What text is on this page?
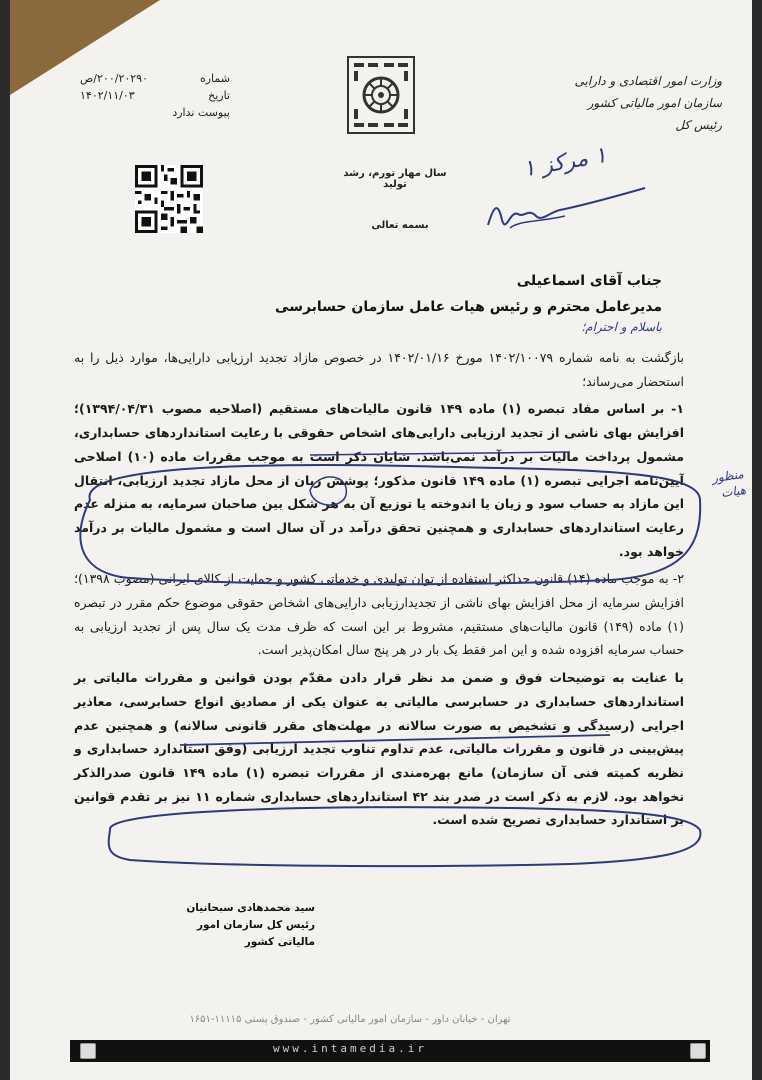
وزارت امور اقتصادی و دارایی
سازمان امور مالیاتی کشور
رئیس کل
شماره
۲۰۰/۲۰۲۹۰/ص
تاریخ
۱۴۰۲/۱۱/۰۳
پیوست ندارد
سال مهار تورم، رشد تولید
بسمه تعالی
۱ مرکز ۱
جناب آقای اسماعیلی
مدیرعامل محترم و رئیس هیات عامل سازمان حسابرسی
باسلام و احترام؛

بازگشت به نامه شماره ۱۴۰۲/۱۰۰۷۹ مورخ ۱۴۰۲/۰۱/۱۶ در خصوص مازاد تجدید ارزیابی دارایی‌ها، موارد ذیل را به استحضار می‌رساند؛

۱- بر اساس مفاد تبصره (۱) ماده ۱۴۹ قانون مالیات‌های مستقیم (اصلاحیه مصوب ۱۳۹۴/۰۴/۳۱)؛ افزایش بهای ناشی از تجدید ارزیابی دارایی‌های اشخاص حقوقی با رعایت استانداردهای حسابداری، مشمول پرداخت مالیات بر درآمد نمی‌باشد. شایان ذکر است به موجب مقررات ماده (۱۰) اصلاحی آیین‌نامه اجرایی تبصره (۱) ماده ۱۴۹ قانون مذکور؛ پوشش زیان از محل مازاد تجدید ارزیابی، انتقال این مازاد به حساب سود و زیان یا اندوخته یا توزیع آن به هر شکل بین صاحبان سرمایه، به منزله عدم رعایت استانداردهای حسابداری و همچنین تحقق درآمد در آن سال است و مشمول مالیات بر درآمد خواهد بود.

۲- به موجب ماده (۱۴) قانون حداکثر استفاده از توان تولیدی و خدماتی کشور و حمایت از کالای ایرانی (مصوب ۱۳۹۸)؛ افزایش سرمایه از محل افزایش بهای ناشی از تجدیدارزیابی دارایی‌های اشخاص حقوقی موضوع حکم مقرر در تبصره (۱) ماده (۱۴۹) قانون مالیات‌های مستقیم، مشروط بر این است که ظرف مدت یک سال پس از تجدید ارزیابی به حساب سرمایه افزوده شده و این امر فقط یک بار در هر پنج سال امکان‌پذیر است.

با عنایت به توضیحات فوق و ضمن مد نظر قرار دادن مقدّم بودن قوانین و مقررات مالیاتی بر استانداردهای حسابداری در حسابرسی مالیاتی به عنوان یکی از مصادیق انواع حسابرسی، معاذیر اجرایی (رسیدگی و تشخیص به صورت سالانه در مهلت‌های مقرر قانونی سالانه) و همچنین عدم پیش‌بینی در قانون و مقررات مالیاتی، عدم تداوم تناوب تجدید ارزیابی (وفق استاندارد حسابداری و نظریه کمیته فنی آن سازمان) مانع بهره‌مندی از مقررات تبصره (۱) ماده ۱۴۹ قانون صدرالذکر نخواهد بود. لازم به ذکر است در صدر بند ۴۲ استانداردهای حسابداری شماره ۱۱ نیز بر تقدم قوانین بر استاندارد حسابداری تصریح شده است.

منظور هیات
سید محمدهادی سبحانیان
رئیس کل سازمان امور مالیاتی کشور
تهران - خیابان داور - سازمان امور مالیاتی کشور - صندوق پستی ۱۱۱۱۵-۱۶۵۱
www.intamedia.ir
